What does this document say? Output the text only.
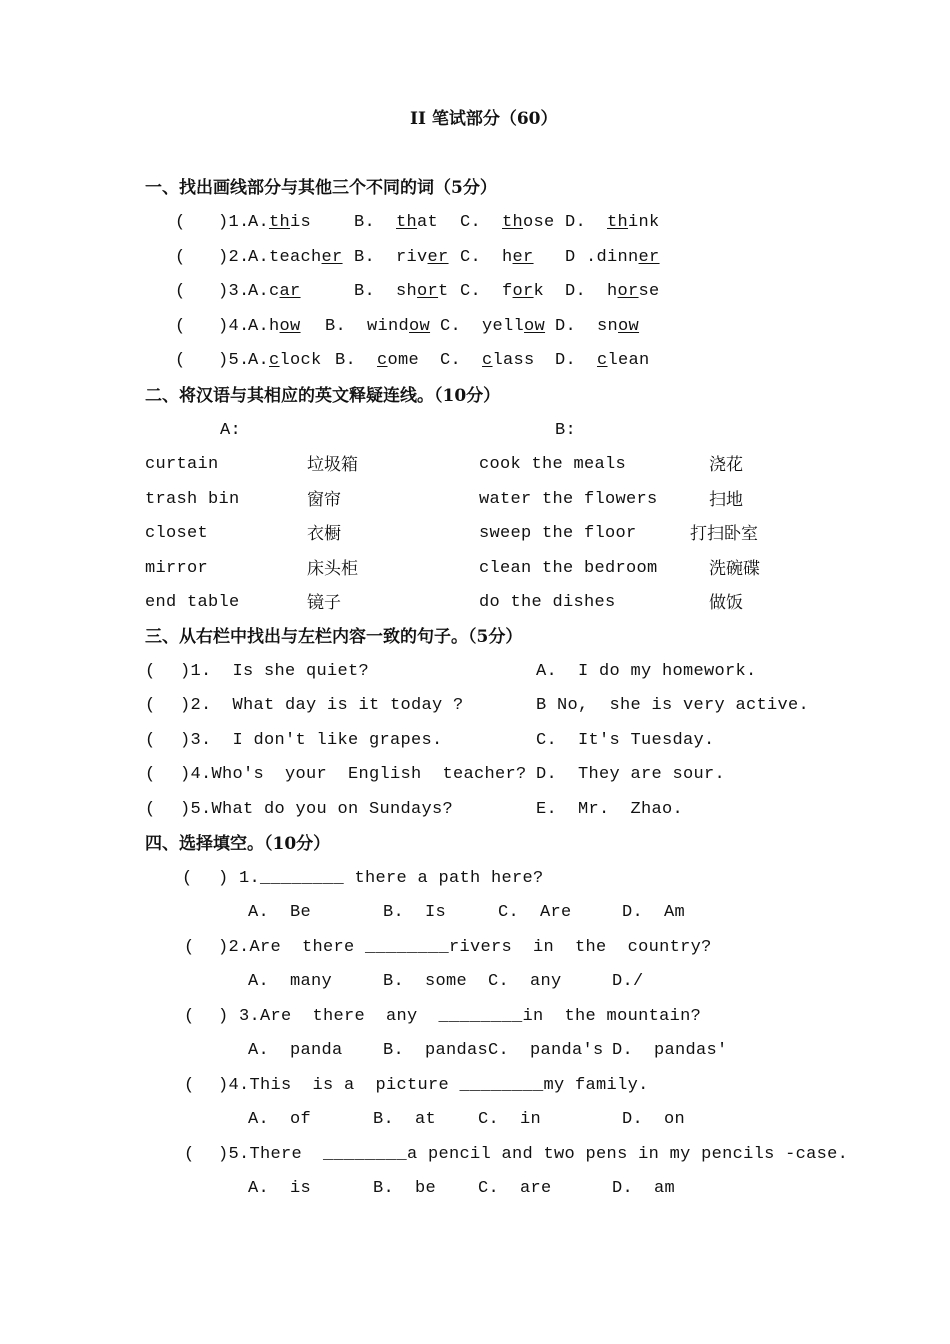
II 笔试部分（60）
一、找出画线部分与其他三个不同的词（5分）
( )1.
A.this	B.  that C.  those D.  think
( )2.
A.teacher B.  river C.  her D .dinner
( )3.
A.car	B.  short C.  fork D.  horse
( )4.
A.how B.  window C.  yellow D.  snow
( )5.
A.clock B.  come C.  class D.  clean
二、将汉语与其相应的英文释疑连线。（10分）
A:	B:
curtain	垃圾箱	cook the meals	浇花
trash bin	窗帘	water the flowers	扫地
closet	衣橱	sweep the floor	打扫卧室
mirror	床头柜	clean the bedroom	洗碗碟
end table	镜子	do the dishes	做饭
三、从右栏中找出与左栏内容一致的句子。（5分）
( )1.  Is she quiet?	A.  I do my homework.
( )2.  What day is it today ?	B No,  she is very active.
( )3.  I don't like grapes.	C.  It's Tuesday.
( )4.Who's  your  English  teacher? D.  They are sour.
( )5.What do you on Sundays?	E.  Mr.  Zhao.
四、选择填空。（10分）
( ) 1.________ there a path here?
A.  Be	B.  Is	C.  Are	D.  Am
( )2.Are  there ________rivers  in  the  country?
A.  many	B.  some C.  any	D./
( ) 3.Are  there  any  ________in  the mountain?
A.  panda B.  pandas C.  panda's D.  pandas'
( )4.This  is a  picture ________my family.
A.  of	B.  at C.  in	D.  on
( )5.There  ________a pencil and two pens in my pencils -case.
A.  is	B.  be C.  are	D.  am
